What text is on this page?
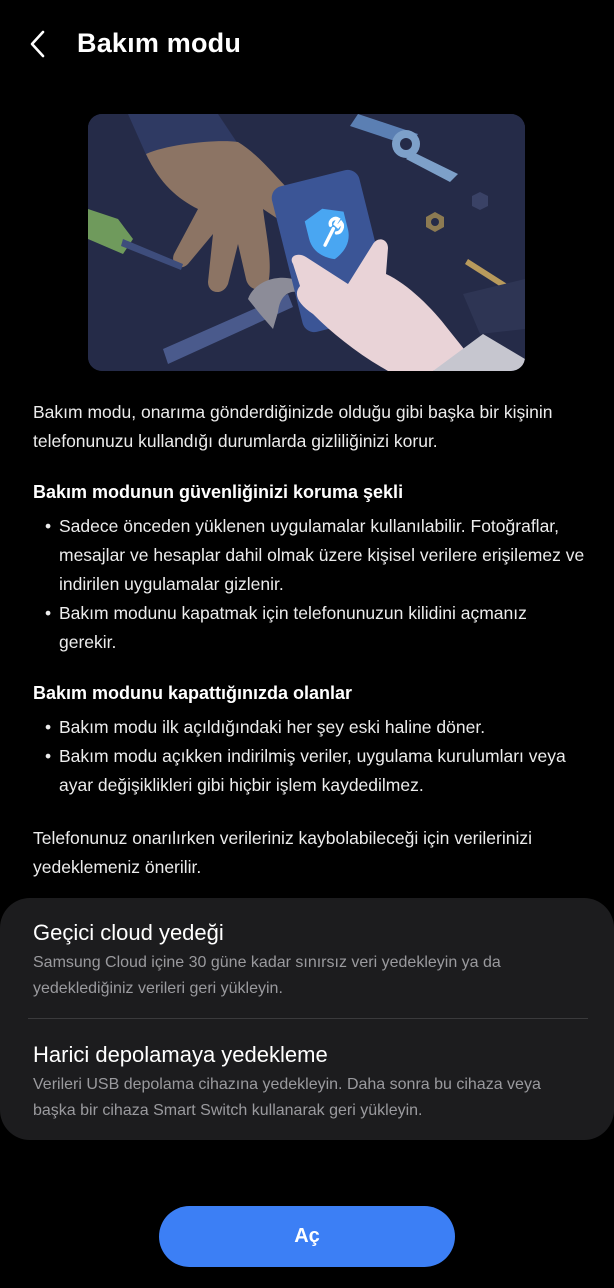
Bakım modu

Bakım modu, onarıma gönderdiğinizde olduğu gibi başka bir kişinin telefonunuzu kullandığı durumlarda gizliliğinizi korur.

Bakım modunun güvenliğinizi koruma şekli
• Sadece önceden yüklenen uygulamalar kullanılabilir. Fotoğraflar, mesajlar ve hesaplar dahil olmak üzere kişisel verilere erişilemez ve indirilen uygulamalar gizlenir.
• Bakım modunu kapatmak için telefonunuzun kilidini açmanız gerekir.
Bakım modunu kapattığınızda olanlar
• Bakım modu ilk açıldığındaki her şey eski haline döner.
• Bakım modu açıkken indirilmiş veriler, uygulama kurulumları veya ayar değişiklikleri gibi hiçbir işlem kaydedilmez.

Telefonunuz onarılırken verileriniz kaybolabileceği için verilerinizi yedeklemeniz önerilir.

Geçici cloud yedeği
Samsung Cloud içine 30 güne kadar sınırsız veri yedekleyin ya da yedeklediğiniz verileri geri yükleyin.
Harici depolamaya yedekleme
Verileri USB depolama cihazına yedekleyin. Daha sonra bu cihaza veya başka bir cihaza Smart Switch kullanarak geri yükleyin.
Aç
